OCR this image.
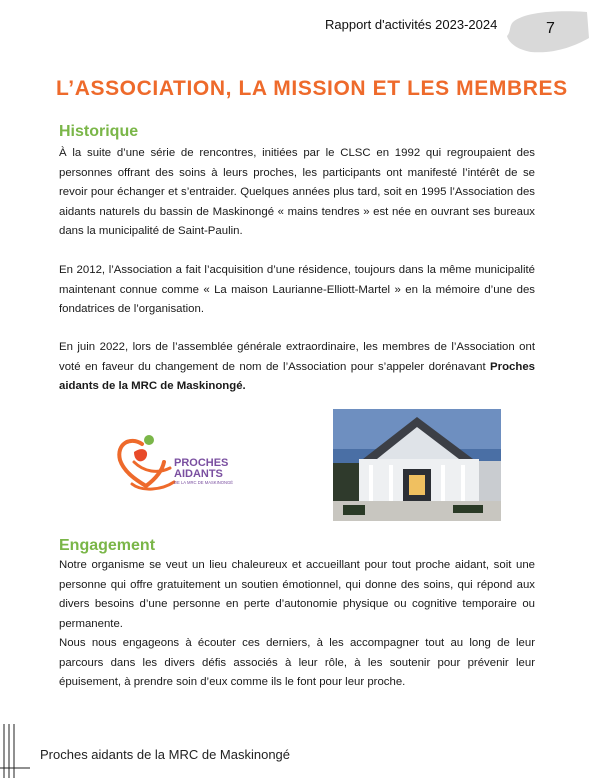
Rapport d'activités 2023-2024	7
L’ASSOCIATION, LA MISSION ET LES MEMBRES
Historique

À la suite d’une série de rencontres, initiées par le CLSC en 1992 qui regroupaient des personnes offrant des soins à leurs proches, les participants ont manifesté l’intérêt de se revoir pour échanger et s’entraider. Quelques années plus tard, soit en 1995 l’Association des aidants naturels du bassin de Maskinongé « mains tendres » est née en ouvrant ses bureaux dans la municipalité de Saint-Paulin.

En 2012, l’Association a fait l’acquisition d’une résidence, toujours dans la même municipalité maintenant connue comme « La maison Laurianne-Elliott-Martel » en la mémoire d’une des fondatrices de l’organisation.

En juin 2022, lors de l’assemblée générale extraordinaire, les membres de l’Association ont voté en faveur du changement de nom de l’Association pour s’appeler dorénavant Proches aidants de la MRC de Maskinongé.

PROCHES
AIDANTS
DE LA MRC DE MASKINONGÉ
Engagement

Notre organisme se veut un lieu chaleureux et accueillant pour tout proche aidant, soit une personne qui offre gratuitement un soutien émotionnel, qui donne des soins, qui répond aux divers besoins d’une personne en perte d’autonomie physique ou cognitive temporaire ou permanente.

Nous nous engageons à écouter ces derniers, à les accompagner tout au long de leur parcours dans les divers défis associés à leur rôle, à les soutenir pour prévenir leur épuisement, à prendre soin d’eux comme ils le font pour leur proche.

Proches aidants de la MRC de Maskinongé
